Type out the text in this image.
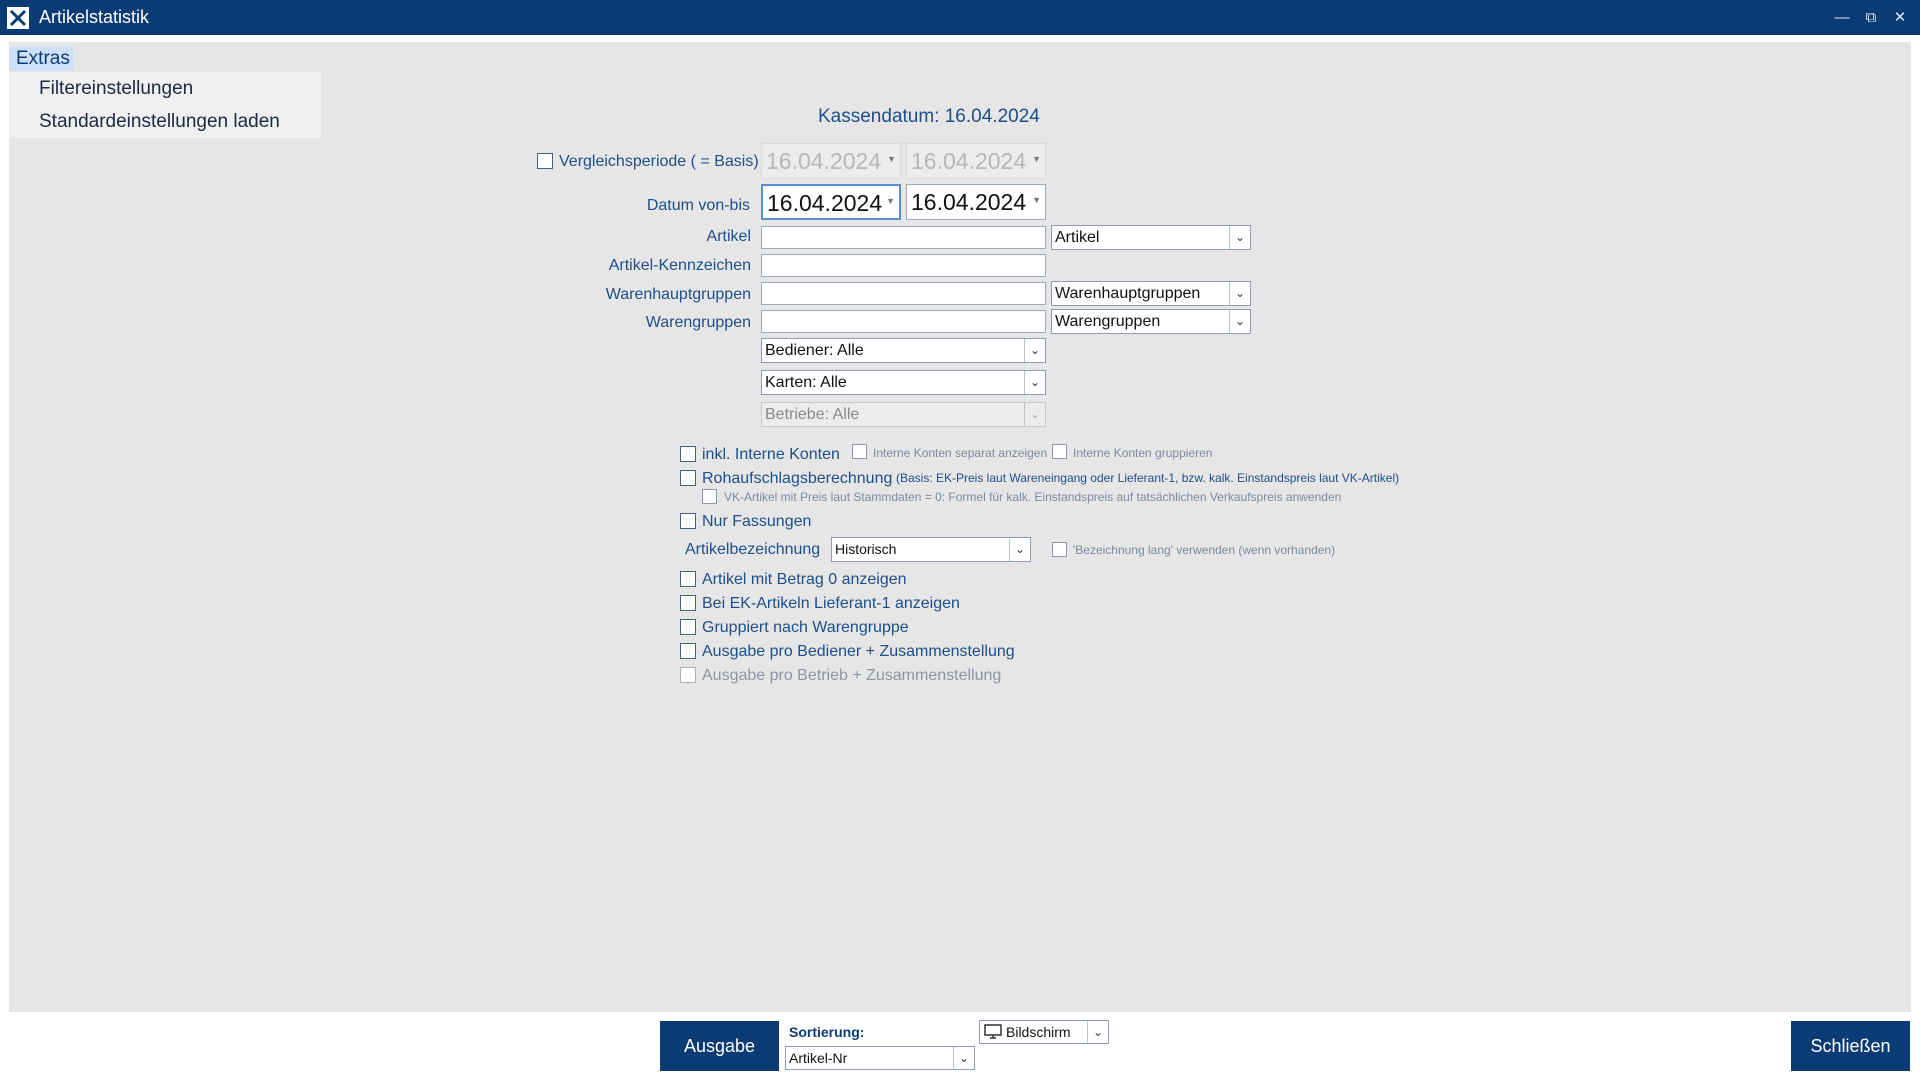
Artikelstatistik	—	⧉	✕
Extras
Filtereinstellungen
Standardeinstellungen laden	Kassendatum: 16.04.2024
Vergleichsperiode ( = Basis) 16.04.2024 ▼ 16.04.2024 ▼
Datum von-bis 16.04.2024 ▼ 16.04.2024 ▼
Artikel	Artikel	⌄
Artikel-Kennzeichen
Warenhauptgruppen	Warenhauptgruppen	⌄
Warengruppen	Warengruppen	⌄
Bediener: Alle	⌄
Karten: Alle	⌄
Betriebe: Alle	⌄
inkl. Interne Konten	Interne Konten separat anzeigen Interne Konten gruppieren
Rohaufschlagsberechnung (Basis: EK-Preis laut Wareneingang oder Lieferant-1, bzw. kalk. Einstandspreis laut VK-Artikel)
VK-Artikel mit Preis laut Stammdaten = 0: Formel für kalk. Einstandspreis auf tatsächlichen Verkaufspreis anwenden
Nur Fassungen
Artikelbezeichnung Historisch	⌄	'Bezeichnung lang' verwenden (wenn vorhanden)
Artikel mit Betrag 0 anzeigen
Bei EK-Artikeln Lieferant-1 anzeigen
Gruppiert nach Warengruppe
Ausgabe pro Bediener + Zusammenstellung
Ausgabe pro Betrieb + Zusammenstellung
Ausgabe
Sortierung:
Artikel-Nr	⌄
Bildschirm	⌄
Schließen
